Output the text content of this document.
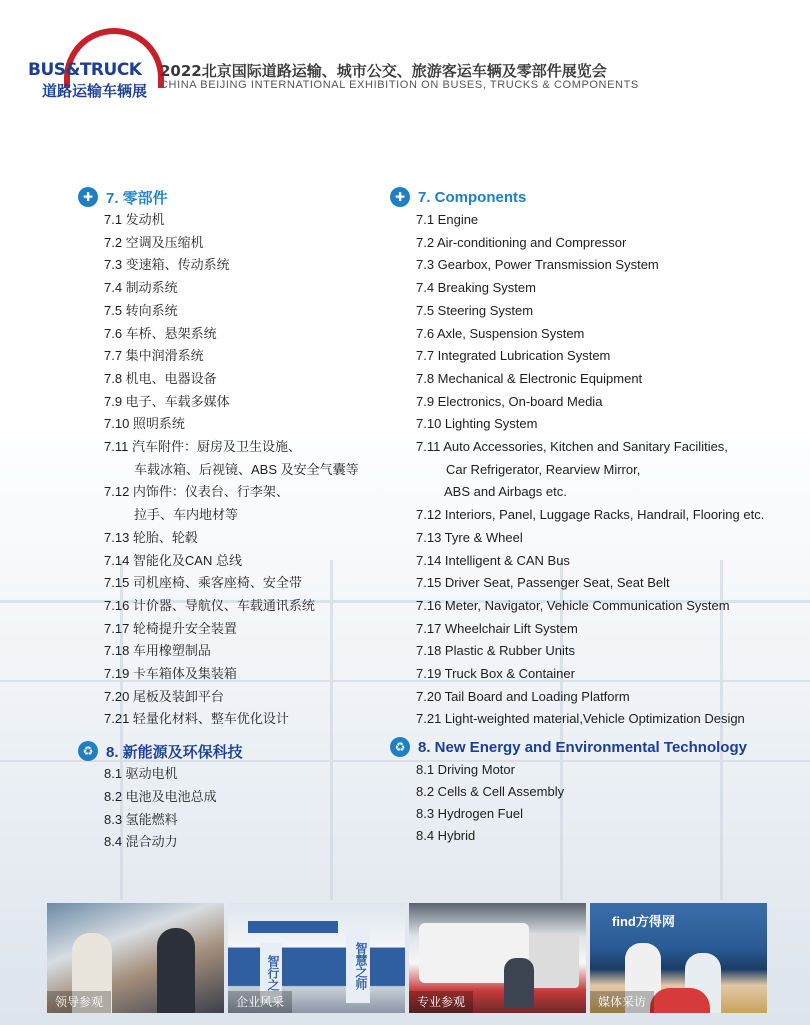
BUS&TRUCK
道路运输车辆展
2022北京国际道路运输、城市公交、旅游客运车辆及零部件展览会
CHINA BEIJING INTERNATIONAL EXHIBITION ON BUSES, TRUCKS & COMPONENTS
✚ 7. 零部件
7.1 发动机
7.2 空调及压缩机
7.3 变速箱、传动系统
7.4 制动系统
7.5 转向系统
7.6 车桥、悬架系统
7.7 集中润滑系统
7.8 机电、电器设备
7.9 电子、车载多媒体
7.10 照明系统
7.11 汽车附件：厨房及卫生设施、
车载冰箱、后视镜、ABS 及安全气囊等
7.12 内饰件：仪表台、行李架、
拉手、车内地材等
7.13 轮胎、轮毂
7.14 智能化及CAN 总线
7.15 司机座椅、乘客座椅、安全带
7.16 计价器、导航仪、车载通讯系统
7.17 轮椅提升安全装置
7.18 车用橡塑制品
7.19 卡车箱体及集装箱
7.20 尾板及装卸平台
7.21 轻量化材料、整车优化设计
♻ 8. 新能源及环保科技
8.1 驱动电机
8.2 电池及电池总成
8.3 氢能燃料
8.4 混合动力
✚ 7. Components
7.1 Engine
7.2 Air-conditioning and Compressor
7.3 Gearbox, Power Transmission System
7.4 Breaking System
7.5 Steering System
7.6 Axle, Suspension System
7.7 Integrated Lubrication System
7.8 Mechanical & Electronic Equipment
7.9 Electronics, On-board Media
7.10 Lighting System
7.11 Auto Accessories, Kitchen and Sanitary Facilities,
Car Refrigerator, Rearview Mirror,
ABS and Airbags etc.
7.12 Interiors, Panel, Luggage Racks, Handrail, Flooring etc.
7.13 Tyre & Wheel
7.14 Intelligent & CAN Bus
7.15 Driver Seat, Passenger Seat, Seat Belt
7.16 Meter, Navigator, Vehicle Communication System
7.17 Wheelchair Lift System
7.18 Plastic & Rubber Units
7.19 Truck Box & Container
7.20 Tail Board and Loading Platform
7.21 Light-weighted material,Vehicle Optimization Design
♻ 8. New Energy and Environmental Technology
8.1 Driving Motor
8.2 Cells & Cell Assembly
8.3 Hydrogen Fuel
8.4 Hybrid
领导参观
智行之	智慧之师
企业风采	专业参观
find方得网
媒体采访
